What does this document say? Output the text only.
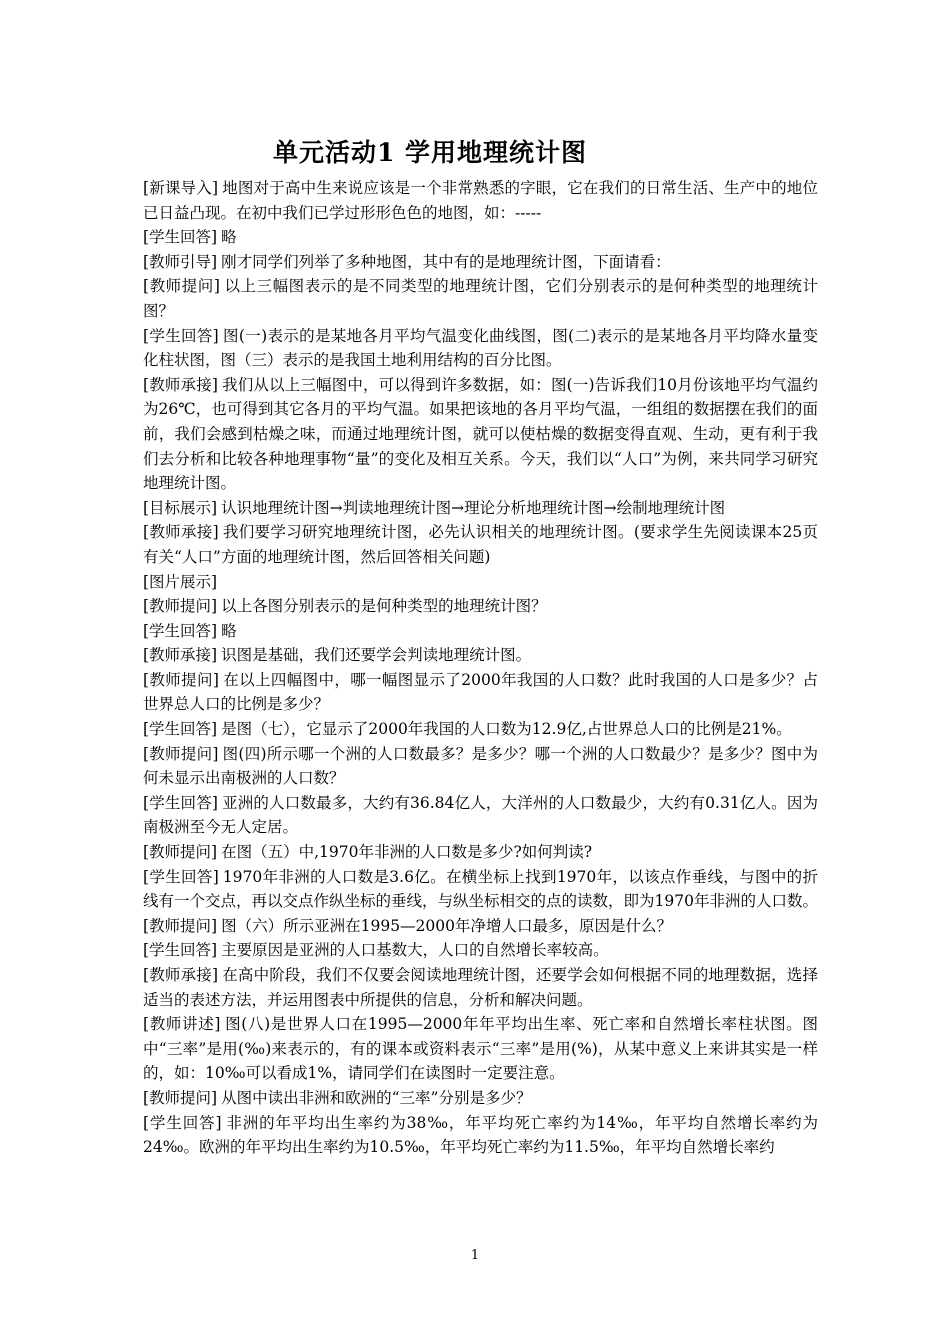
单元活动1 学用地理统计图

[新课导入] 地图对于高中生来说应该是一个非常熟悉的字眼，它在我们的日常生活、生产中的地位已日益凸现。在初中我们已学过形形色色的地图，如：-----

[学生回答] 略

[教师引导] 刚才同学们列举了多种地图，其中有的是地理统计图，下面请看：

[教师提问] 以上三幅图表示的是不同类型的地理统计图，它们分别表示的是何种类型的地理统计图？

[学生回答] 图(一)表示的是某地各月平均气温变化曲线图，图(二)表示的是某地各月平均降水量变化柱状图，图（三）表示的是我国土地利用结构的百分比图。

[教师承接] 我们从以上三幅图中，可以得到许多数据，如：图(一)告诉我们10月份该地平均气温约为26℃，也可得到其它各月的平均气温。如果把该地的各月平均气温，一组组的数据摆在我们的面前，我们会感到枯燥之味，而通过地理统计图，就可以使枯燥的数据变得直观、生动，更有利于我们去分析和比较各种地理事物“量”的变化及相互关系。今天，我们以“人口”为例，来共同学习研究地理统计图。

[目标展示] 认识地理统计图→判读地理统计图→理论分析地理统计图→绘制地理统计图

[教师承接] 我们要学习研究地理统计图，必先认识相关的地理统计图。(要求学生先阅读课本25页有关“人口”方面的地理统计图，然后回答相关问题)

[图片展示]

[教师提问] 以上各图分别表示的是何种类型的地理统计图？

[学生回答] 略

[教师承接] 识图是基础，我们还要学会判读地理统计图。

[教师提问] 在以上四幅图中，哪一幅图显示了2000年我国的人口数？此时我国的人口是多少？占世界总人口的比例是多少？

[学生回答] 是图（七），它显示了2000年我国的人口数为12.9亿,占世界总人口的比例是21%。

[教师提问] 图(四)所示哪一个洲的人口数最多？是多少？哪一个洲的人口数最少？是多少？图中为何未显示出南极洲的人口数？

[学生回答] 亚洲的人口数最多，大约有36.84亿人，大洋州的人口数最少，大约有0.31亿人。因为南极洲至今无人定居。

[教师提问] 在图（五）中,1970年非洲的人口数是多少?如何判读?

[学生回答] 1970年非洲的人口数是3.6亿。在横坐标上找到1970年，以该点作垂线，与图中的折线有一个交点，再以交点作纵坐标的垂线，与纵坐标相交的点的读数，即为1970年非洲的人口数。

[教师提问] 图（六）所示亚洲在1995—2000年净增人口最多，原因是什么？

[学生回答] 主要原因是亚洲的人口基数大，人口的自然增长率较高。

[教师承接] 在高中阶段，我们不仅要会阅读地理统计图，还要学会如何根据不同的地理数据，选择适当的表述方法，并运用图表中所提供的信息，分析和解决问题。

[教师讲述] 图(八)是世界人口在1995—2000年年平均出生率、死亡率和自然增长率柱状图。图中“三率”是用(‰)来表示的，有的课本或资料表示“三率”是用(%)，从某中意义上来讲其实是一样的，如：10‰可以看成1%，请同学们在读图时一定要注意。

[教师提问] 从图中读出非洲和欧洲的“三率”分别是多少？

[学生回答] 非洲的年平均出生率约为38‰，年平均死亡率约为14‰，年平均自然增长率约为24‰。欧洲的年平均出生率约为10.5‰，年平均死亡率约为11.5‰，年平均自然增长率约

1
